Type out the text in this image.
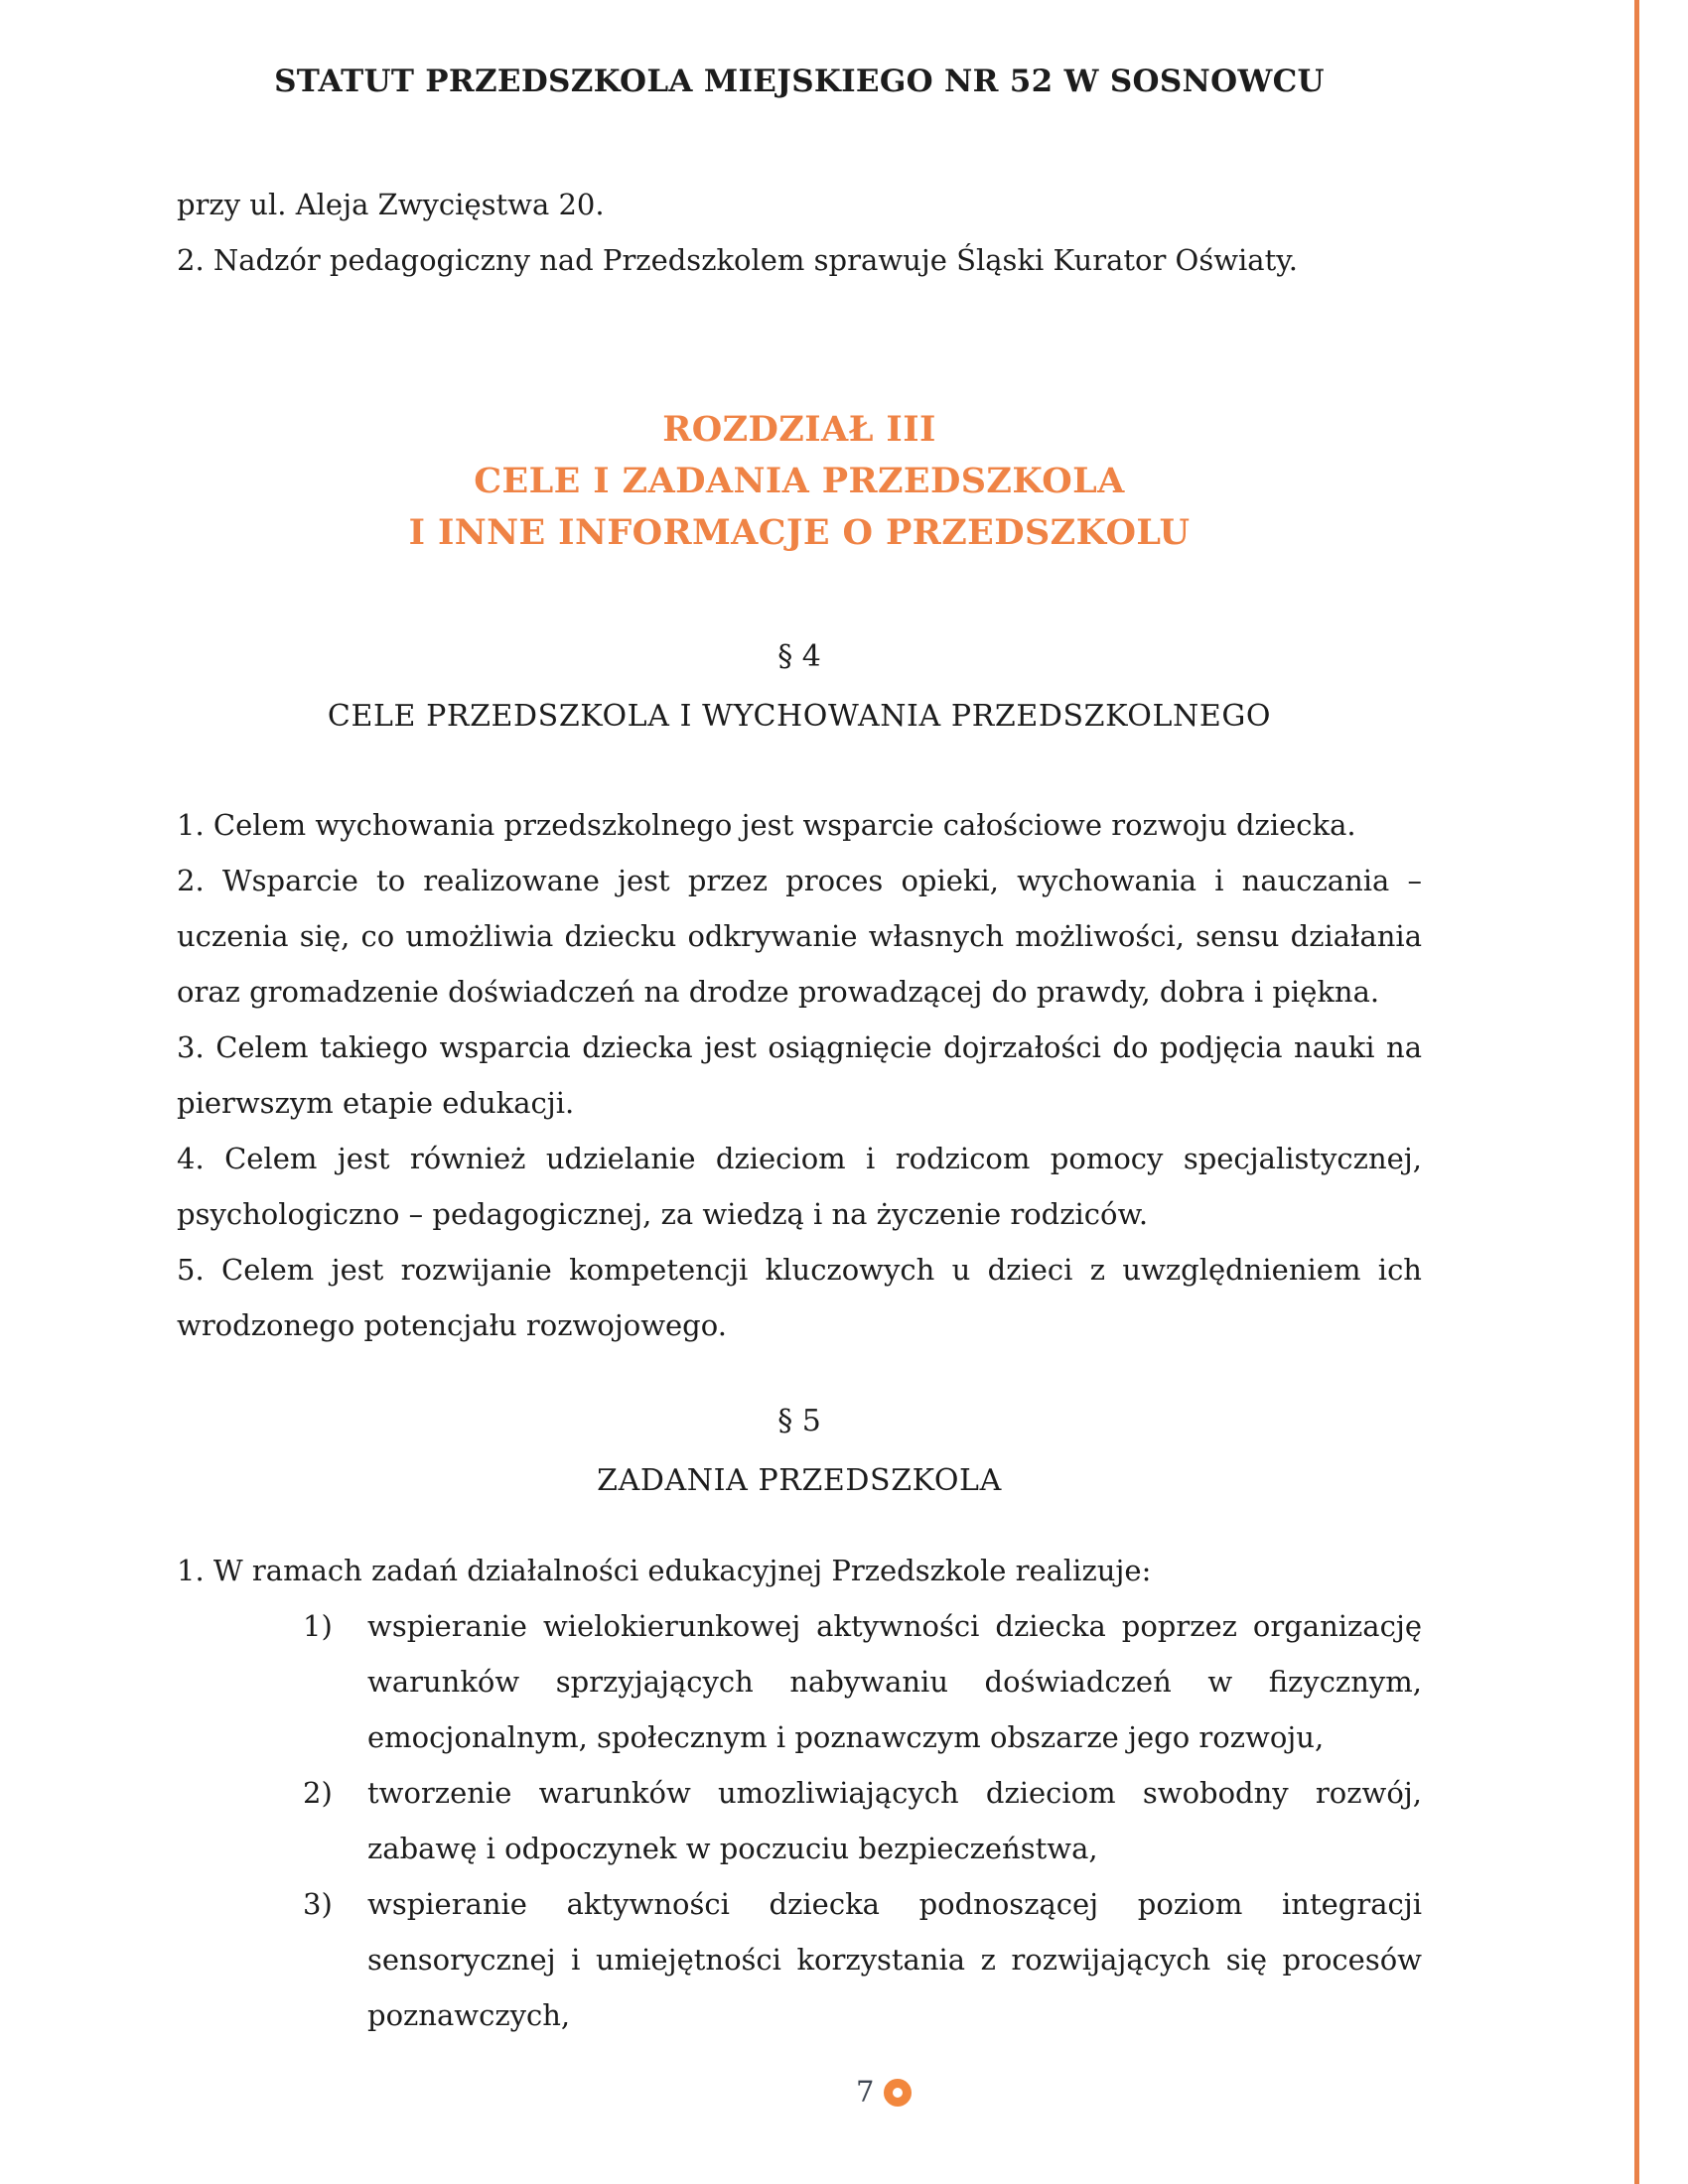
STATUT PRZEDSZKOLA MIEJSKIEGO NR 52 W SOSNOWCU

przy ul. Aleja Zwycięstwa 20.

2. Nadzór pedagogiczny nad Przedszkolem sprawuje Śląski Kurator Oświaty.

ROZDZIAŁ III
CELE I ZADANIA PRZEDSZKOLA
I INNE INFORMACJE O PRZEDSZKOLU
§ 4
CELE PRZEDSZKOLA I WYCHOWANIA PRZEDSZKOLNEGO

1. Celem wychowania przedszkolnego jest wsparcie całościowe rozwoju dziecka.

2. Wsparcie to realizowane jest przez proces opieki, wychowania i nauczania – uczenia się, co umożliwia dziecku odkrywanie własnych możliwości, sensu działania oraz gromadzenie doświadczeń na drodze prowadzącej do prawdy, dobra i piękna.

3. Celem takiego wsparcia dziecka jest osiągnięcie dojrzałości do podjęcia nauki na pierwszym etapie edukacji.

4. Celem jest również udzielanie dzieciom i rodzicom pomocy specjalistycznej, psychologiczno – pedagogicznej, za wiedzą i na życzenie rodziców.

5. Celem jest rozwijanie kompetencji kluczowych u dzieci z uwzględnieniem ich wrodzonego potencjału rozwojowego.

§ 5
ZADANIA PRZEDSZKOLA

1. W ramach zadań działalności edukacyjnej Przedszkole realizuje:

1)	wspieranie wielokierunkowej aktywności dziecka poprzez organizację warunków sprzyjających nabywaniu doświadczeń w fizycznym, emocjonalnym, społecznym i poznawczym obszarze jego rozwoju,
2)	tworzenie warunków umozliwiających dzieciom swobodny rozwój, zabawę i odpoczynek w poczuciu bezpieczeństwa,
3)	wspieranie aktywności dziecka podnoszącej poziom integracji sensorycznej i umiejętności korzystania z rozwijających się procesów poznawczych,
7
